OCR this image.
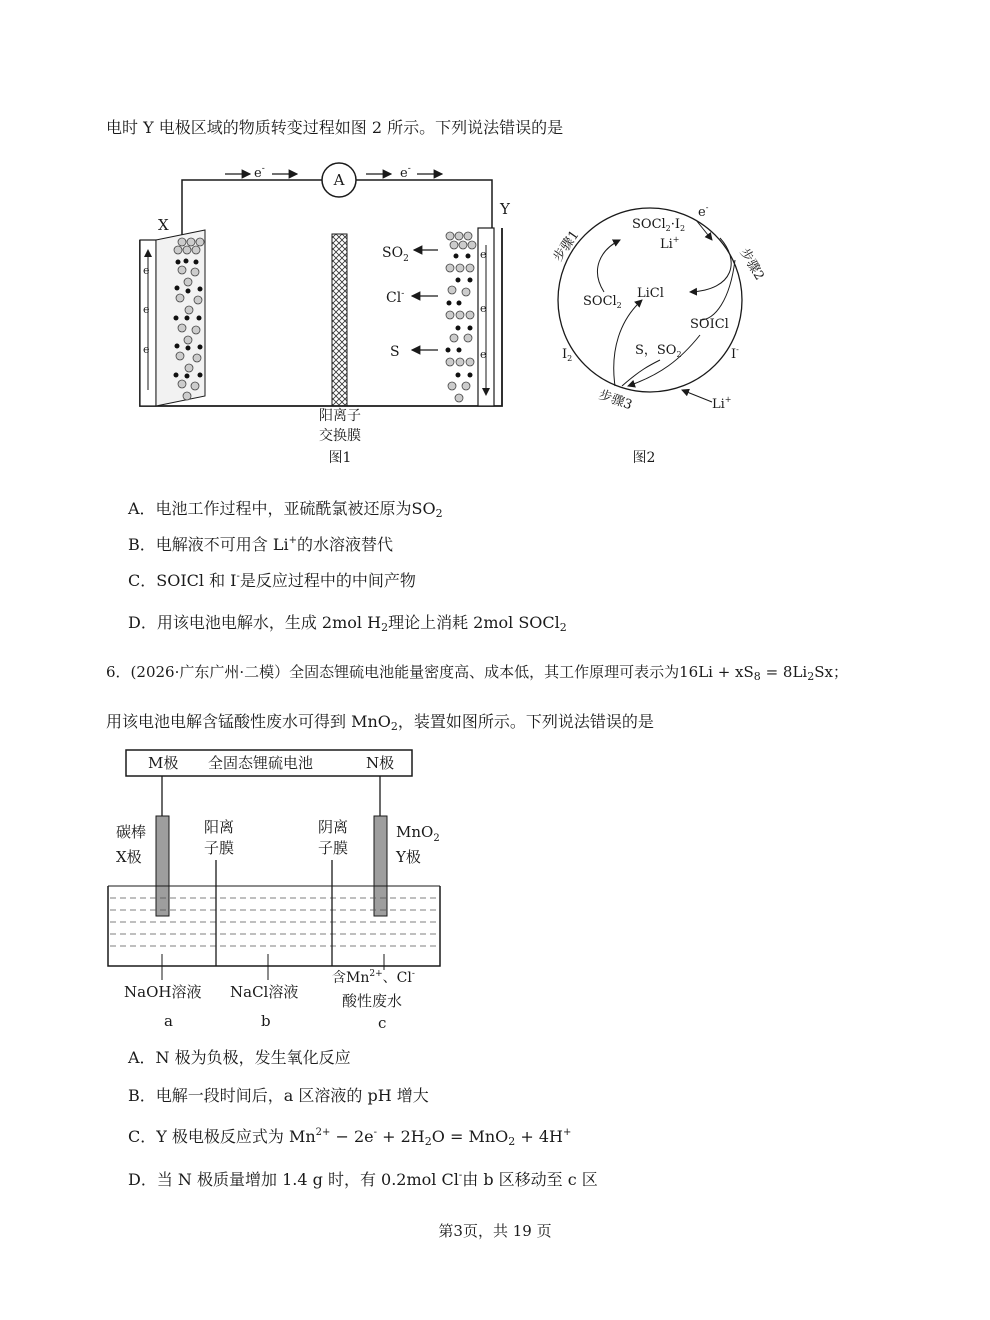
电时 Y 电极区域的物质转变过程如图 2 所示。下列说法错误的是
A
e-	e-
X
Y
e
e
e
阳离子
交换膜
图1
e
e
e
$SO_2$
Cl-
S
步骤1	步骤2
步骤3
$SOCl_2\cdot I_2$
Li+
e-
LiCl
SOCl$_2$
SOICl
$I_2$	I-
S，$SO_2$
Li+
图2
A．电池工作过程中，亚硫酰氯被还原为$SO_2$
B．电解液不可用含 Li+的水溶液替代
C．SOICl 和 I-是反应过程中的中间产物
D．用该电池电解水，生成 2mol $H_2$理论上消耗 2mol SOCl$_2$
6．(2026·广东广州·二模）全固态锂硫电池能量密度高、成本低，其工作原理可表示为$16Li + xS_8 = 8Li_2Sx$；
用该电池电解含锰酸性废水可得到 MnO$_2$，装置如图所示。下列说法错误的是
M极 全固态锂硫电池	N极
碳棒
X极
阳离
子膜
阴离
子膜
MnO$_2$
Y极
NaOH溶液 NaCl溶液
含$Mn^{2+}$、Cl-
酸性废水
a	b	c
A．N 极为负极，发生氧化反应
B．电解一段时间后，a 区溶液的 pH 增大
C．Y 极电极反应式为 $Mn^{2+} - 2e^- + 2H_2O = MnO_2 + 4H^+$
D．当 N 极质量增加 1.4 g 时，有 0.2mol Cl-由 b 区移动至 c 区
第3页，共 19 页
